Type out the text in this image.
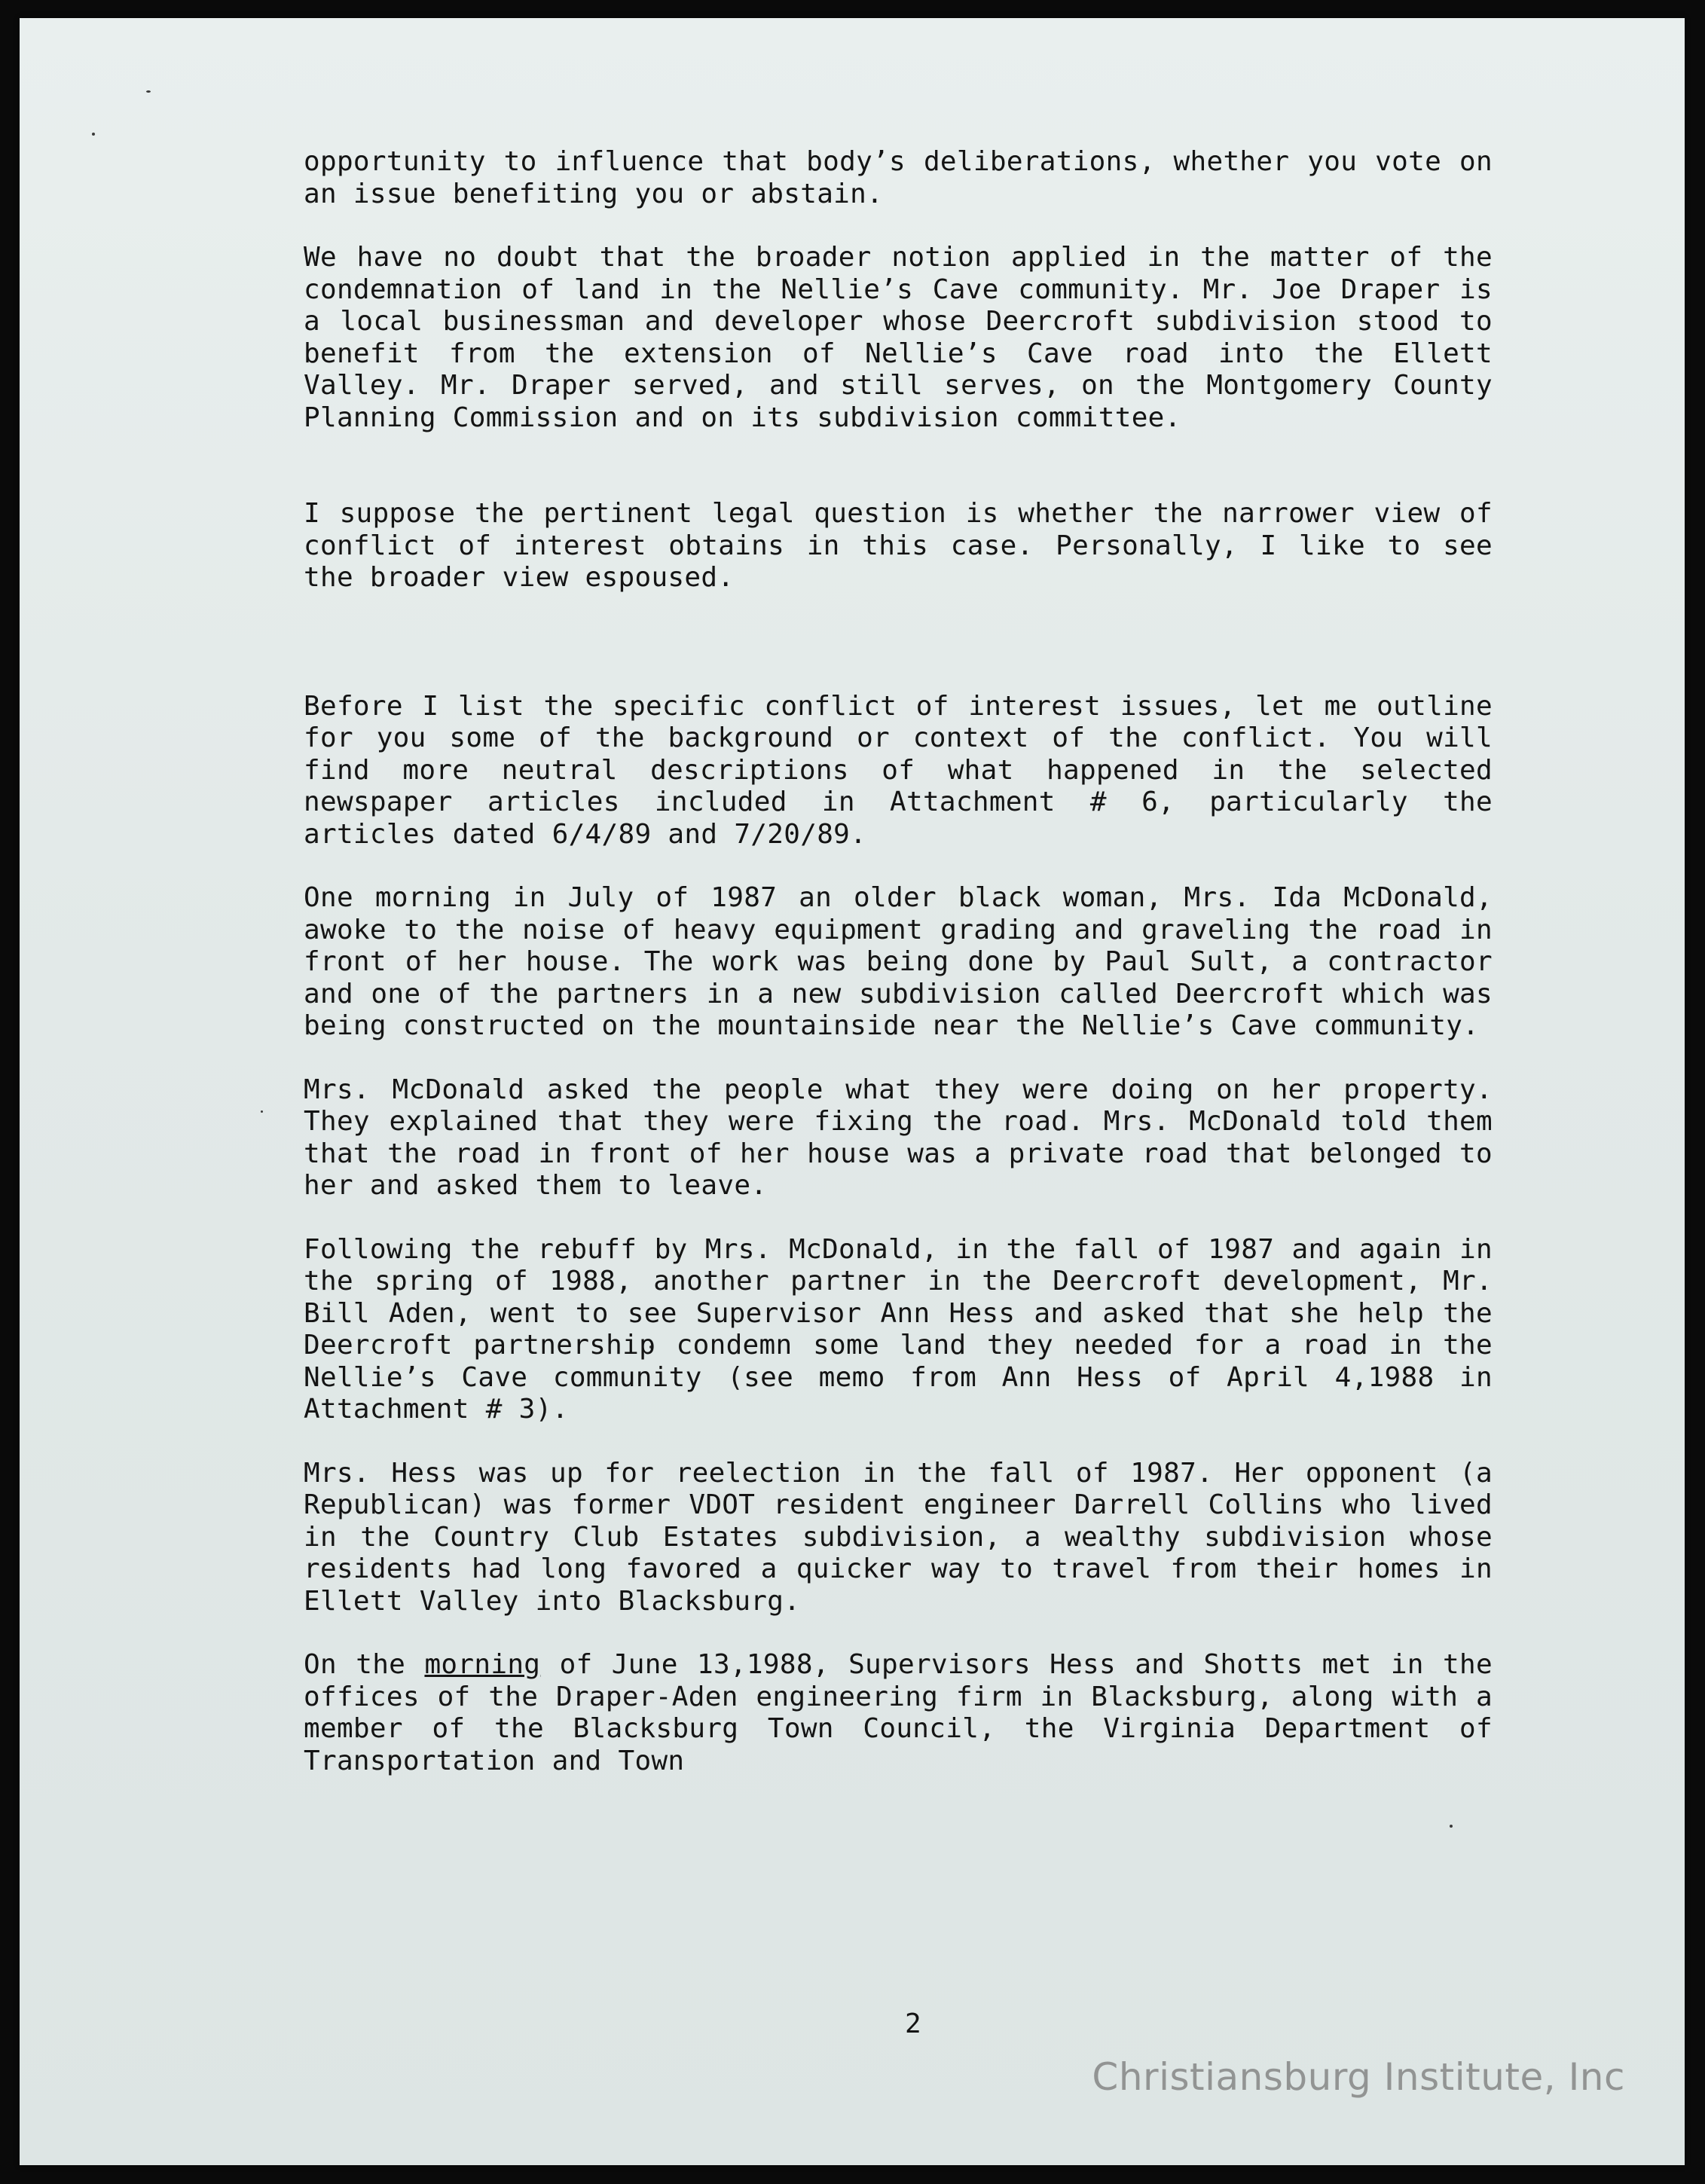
opportunity to influence that body’s deliberations, whether you vote on an issue benefiting you or abstain.

We have no doubt that the broader notion applied in the matter of the condemnation of land in the Nellie’s Cave community. Mr. Joe Draper is a local businessman and developer whose Deercroft subdivision stood to benefit from the extension of Nellie’s Cave road into the Ellett Valley. Mr. Draper served, and still serves, on the Montgomery County Planning Commission and on its subdivision committee.

I suppose the pertinent legal question is whether the narrower view of conflict of interest obtains in this case. Personally, I like to see the broader view espoused.

Before I list the specific conflict of interest issues, let me outline for you some of the background or context of the conflict. You will find more neutral descriptions of what happened in the selected newspaper articles included in Attachment # 6, particularly the articles dated 6/4/89 and 7/20/89.

One morning in July of 1987 an older black woman, Mrs. Ida McDonald, awoke to the noise of heavy equipment grading and graveling the road in front of her house. The work was being done by Paul Sult, a contractor and one of the partners in a new subdivision called Deercroft which was being constructed on the mountainside near the Nellie’s Cave community.

Mrs. McDonald asked the people what they were doing on her property. They explained that they were fixing the road. Mrs. McDonald told them that the road in front of her house was a private road that belonged to her and asked them to leave.

Following the rebuff by Mrs. McDonald, in the fall of 1987 and again in the spring of 1988, another partner in the Deercroft development, Mr. Bill Aden, went to see Supervisor Ann Hess and asked that she help the Deercroft partnership condemn some land they needed for a road in the Nellie’s Cave community (see memo from Ann Hess of April 4,1988 in Attachment # 3).

Mrs. Hess was up for reelection in the fall of 1987. Her opponent (a Republican) was former VDOT resident engineer Darrell Collins who lived in the Country Club Estates subdivision, a wealthy subdivision whose residents had long favored a quicker way to travel from their homes in Ellett Valley into Blacksburg.

On the morning of June 13,1988, Supervisors Hess and Shotts met in the offices of the Draper-Aden engineering firm in Blacksburg, along with a member of the Blacksburg Town Council, the Virginia Department of Transportation and Town

2
Christiansburg Institute, Inc
